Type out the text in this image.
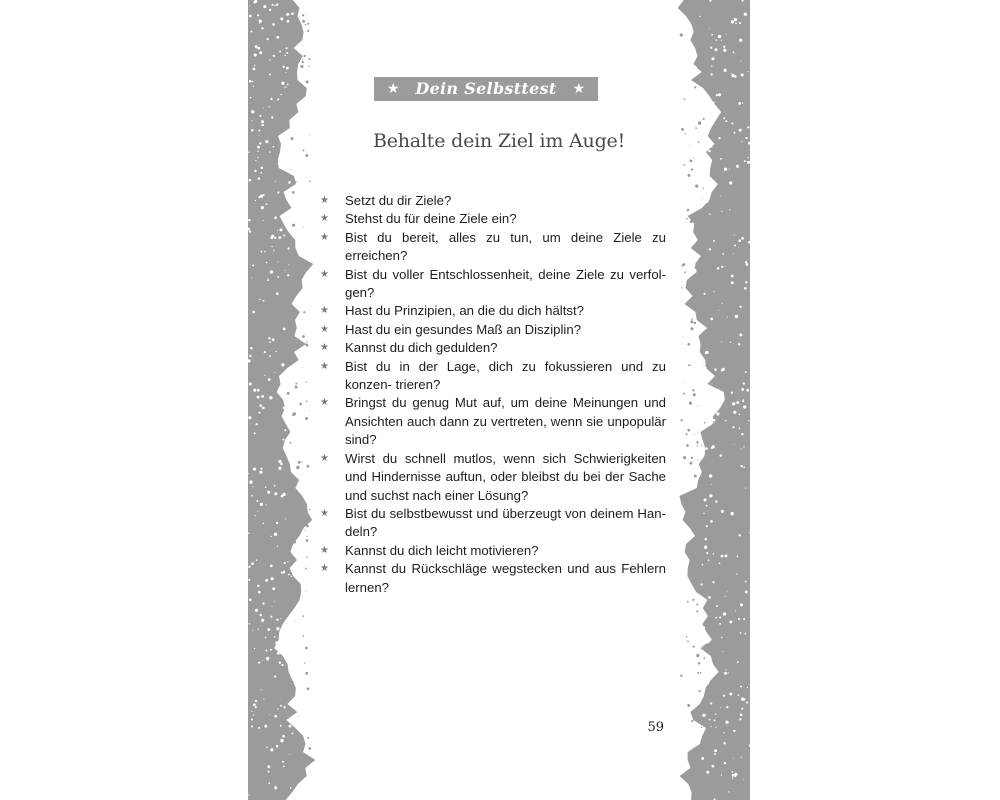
★ Dein Selbsttest ★
Behalte dein Ziel im Auge!
★ Setzt du dir Ziele?
★ Stehst du für deine Ziele ein?
★ Bist du bereit, alles zu tun, um deine Ziele zu erreichen?
★ Bist du voller Entschlossenheit, deine Ziele zu verfol- gen?
★ Hast du Prinzipien, an die du dich hältst?
★ Hast du ein gesundes Maß an Disziplin?
★ Kannst du dich gedulden?
★ Bist du in der Lage, dich zu fokussieren und zu konzen- trieren?
★ Bringst du genug Mut auf, um deine Meinungen und Ansichten auch dann zu vertreten, wenn sie unpopulär sind?
★ Wirst du schnell mutlos, wenn sich Schwierigkeiten und Hindernisse auftun, oder bleibst du bei der Sache und suchst nach einer Lösung?
★ Bist du selbstbewusst und überzeugt von deinem Han- deln?
★ Kannst du dich leicht motivieren?
★ Kannst du Rückschläge wegstecken und aus Fehlern lernen?
59
